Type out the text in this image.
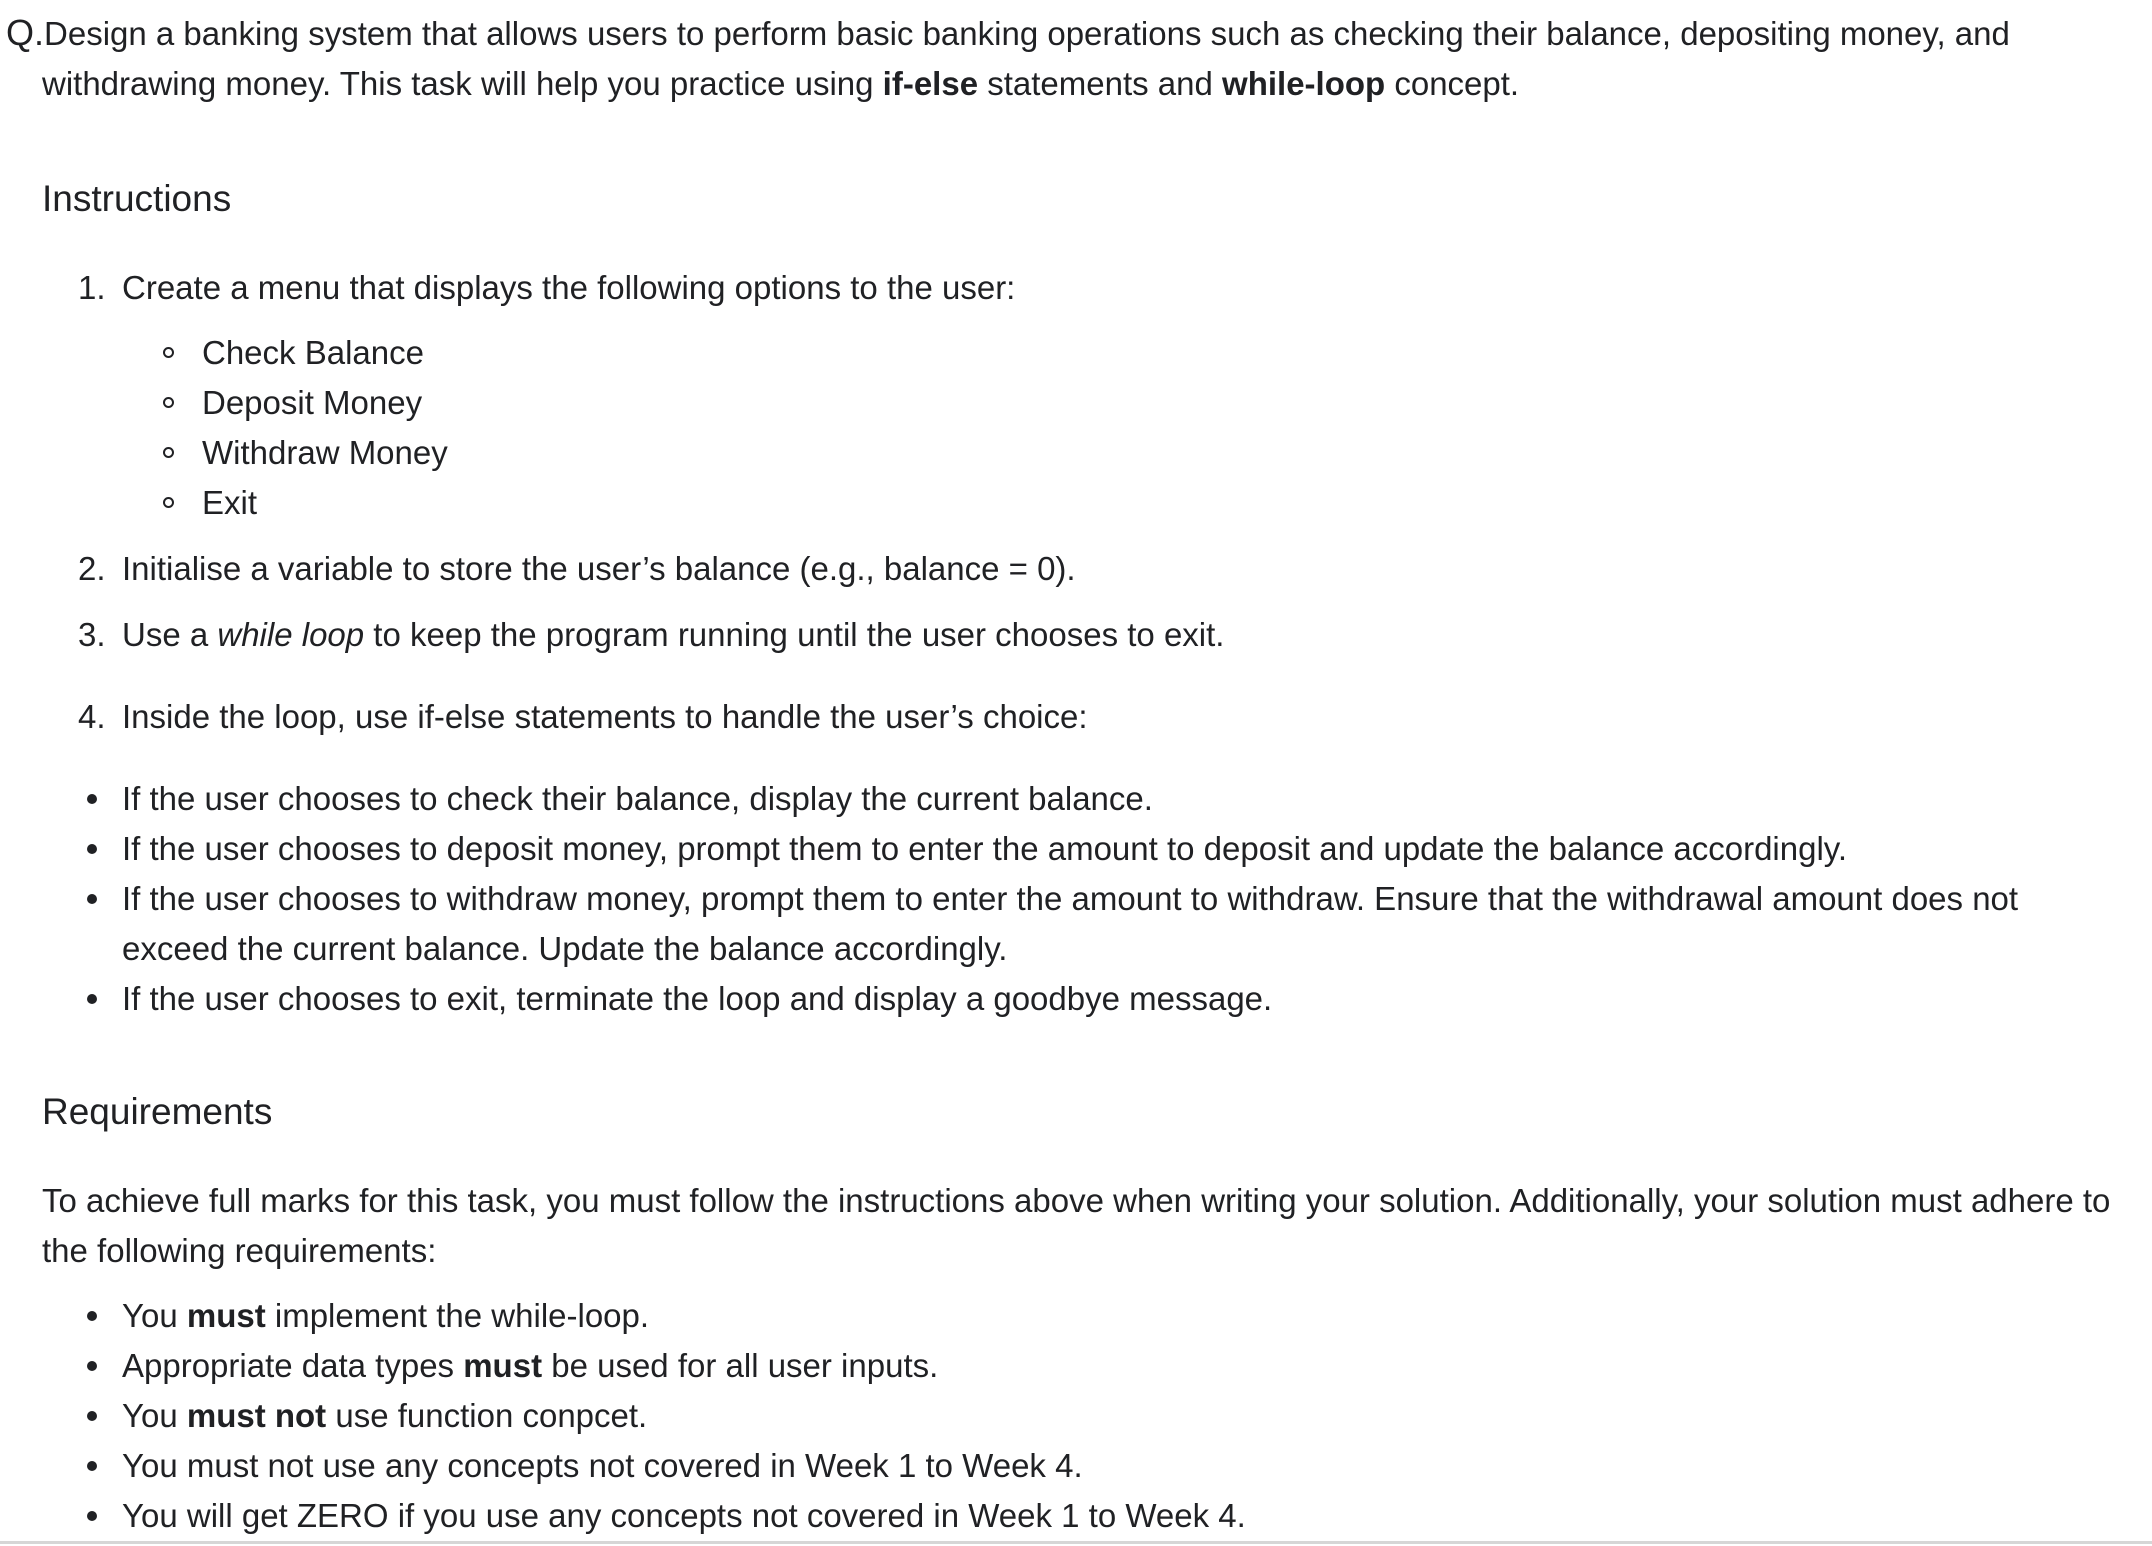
Q.Design a banking system that allows users to perform basic banking operations such as checking their balance, depositing money, and withdrawing money. This task will help you practice using if-else statements and while-loop concept.
Instructions
1. Create a menu that displays the following options to the user:
Check Balance
Deposit Money
Withdraw Money
Exit
2. Initialise a variable to store the user’s balance (e.g., balance = 0).
3. Use a while loop to keep the program running until the user chooses to exit.
4. Inside the loop, use if-else statements to handle the user’s choice:
If the user chooses to check their balance, display the current balance.
If the user chooses to deposit money, prompt them to enter the amount to deposit and update the balance accordingly.
If the user chooses to withdraw money, prompt them to enter the amount to withdraw. Ensure that the withdrawal amount does not
exceed the current balance. Update the balance accordingly.
If the user chooses to exit, terminate the loop and display a goodbye message.
Requirements
To achieve full marks for this task, you must follow the instructions above when writing your solution. Additionally, your solution must adhere to
the following requirements:
You must implement the while-loop.
Appropriate data types must be used for all user inputs.
You must not use function conpcet.
You must not use any concepts not covered in Week 1 to Week 4.
You will get ZERO if you use any concepts not covered in Week 1 to Week 4.
